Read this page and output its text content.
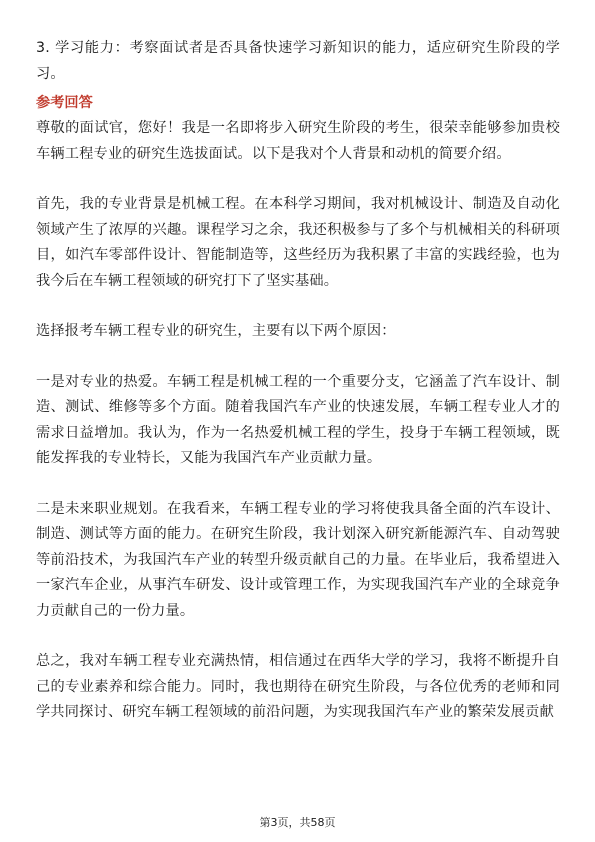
3. 学习能力：考察面试者是否具备快速学习新知识的能力，适应研究生阶段的学习。

参考回答

尊敬的面试官，您好！我是一名即将步入研究生阶段的考生，很荣幸能够参加贵校车辆工程专业的研究生选拔面试。以下是我对个人背景和动机的简要介绍。

首先，我的专业背景是机械工程。在本科学习期间，我对机械设计、制造及自动化领域产生了浓厚的兴趣。课程学习之余，我还积极参与了多个与机械相关的科研项目，如汽车零部件设计、智能制造等，这些经历为我积累了丰富的实践经验，也为我今后在车辆工程领域的研究打下了坚实基础。

选择报考车辆工程专业的研究生，主要有以下两个原因：

一是对专业的热爱。车辆工程是机械工程的一个重要分支，它涵盖了汽车设计、制造、测试、维修等多个方面。随着我国汽车产业的快速发展，车辆工程专业人才的需求日益增加。我认为，作为一名热爱机械工程的学生，投身于车辆工程领域，既能发挥我的专业特长，又能为我国汽车产业贡献力量。

二是未来职业规划。在我看来，车辆工程专业的学习将使我具备全面的汽车设计、制造、测试等方面的能力。在研究生阶段，我计划深入研究新能源汽车、自动驾驶等前沿技术，为我国汽车产业的转型升级贡献自己的力量。在毕业后，我希望进入一家汽车企业，从事汽车研发、设计或管理工作，为实现我国汽车产业的全球竞争力贡献自己的一份力量。

总之，我对车辆工程专业充满热情，相信通过在西华大学的学习，我将不断提升自己的专业素养和综合能力。同时，我也期待在研究生阶段，与各位优秀的老师和同学共同探讨、研究车辆工程领域的前沿问题，为实现我国汽车产业的繁荣发展贡献

第3页，共58页
